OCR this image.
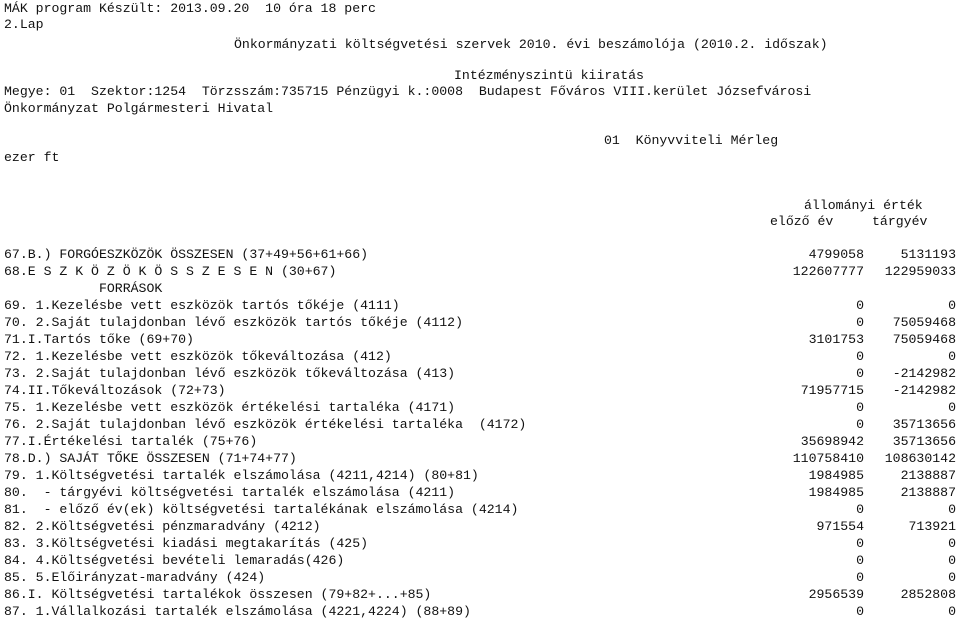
MÁK program Készült: 2013.09.20  10 óra 18 perc
2.Lap
Önkormányzati költségvetési szervek 2010. évi beszámolója (2010.2. időszak)
Intézményszintü kiiratás
Megye: 01  Szektor:1254  Törzsszám:735715 Pénzügyi k.:0008  Budapest Főváros VIII.kerület Józsefvárosi
Önkormányzat Polgármesteri Hivatal
01  Könyvviteli Mérleg
ezer ft
állományi érték
előző év	tárgyév
67.B.) FORGÓESZKÖZÖK ÖSSZESEN (37+49+56+61+66)	4799058	5131193
68.E S Z K Ö Z Ö K Ö S S Z E S E N (30+67)	122607777 122959033
FORRÁSOK
69. 1.Kezelésbe vett eszközök tartós tőkéje (4111)	0	0
70. 2.Saját tulajdonban lévő eszközök tartós tőkéje (4112)	0 75059468
71.I.Tartós tőke (69+70)	3101753 75059468
72. 1.Kezelésbe vett eszközök tőkeváltozása (412)	0	0
73. 2.Saját tulajdonban lévő eszközök tőkeváltozása (413)	0 -2142982
74.II.Tőkeváltozások (72+73)	71957715 -2142982
75. 1.Kezelésbe vett eszközök értékelési tartaléka (4171)	0	0
76. 2.Saját tulajdonban lévő eszközök értékelési tartaléka  (4172)	0 35713656
77.I.Értékelési tartalék (75+76)	35698942 35713656
78.D.) SAJÁT TŐKE ÖSSZESEN (71+74+77)	110758410 108630142
79. 1.Költségvetési tartalék elszámolása (4211,4214) (80+81)	1984985	2138887
80.  - tárgyévi költségvetési tartalék elszámolása (4211)	1984985	2138887
81.  - előző év(ek) költségvetési tartalékának elszámolása (4214)	0	0
82. 2.Költségvetési pénzmaradvány (4212)	971554	713921
83. 3.Költségvetési kiadási megtakarítás (425)	0	0
84. 4.Költségvetési bevételi lemaradás(426)	0	0
85. 5.Előirányzat-maradvány (424)	0	0
86.I. Költségvetési tartalékok összesen (79+82+...+85)	2956539	2852808
87. 1.Vállalkozási tartalék elszámolása (4221,4224) (88+89)	0	0
